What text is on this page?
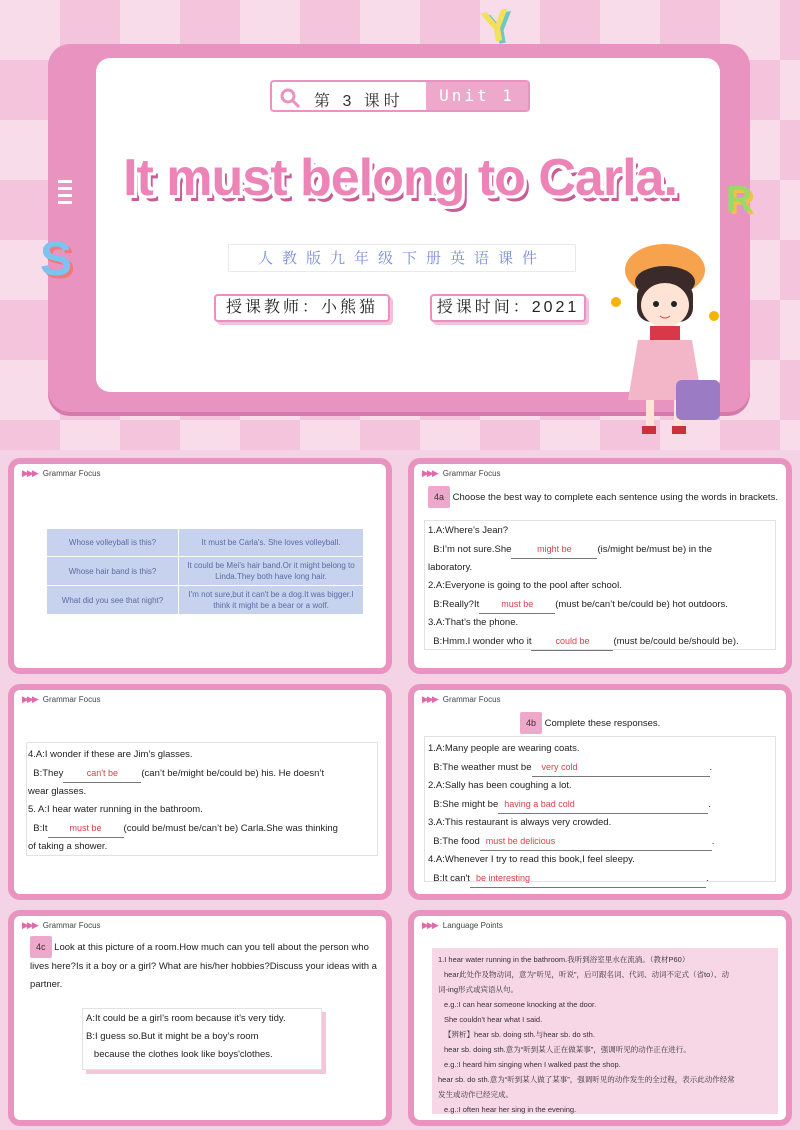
第 3 课时	Unit 1
It must belong to Carla.
人教版九年级下册英语课件
授课教师：小熊猫	授课时间：2021
Y
R
S
▶▶▶ Grammar Focus
Whose volleyball is this?	It must be Carla's. She loves volleyball.
Whose hair band is this?	It could be Mei's hair band.Or it might belong to Linda.They both have long hair.
What did you see that night?	I'm not sure,but it can't be a dog.It was bigger.I think it might be a bear or a wolf.
▶▶▶ Grammar Focus
4a Choose the best way to complete each sentence using the words in brackets.
1.A:Where’s Jean?
B:I’m not sure.She	might be	(is/might be/must be) in the
laboratory.
2.A:Everyone is going to the pool after school.
B:Really?It must be (must be/can’t be/could be) hot outdoors.
3.A:That’s the phone.
B:Hmm.I wonder who it	could be	(must be/could be/should be).
▶▶▶ Grammar Focus
4.A:I wonder if these are Jim’s glasses.
B:They	can't be (can’t be/might be/could be) his. He doesn’t
wear glasses.
5. A:I hear water running in the bathroom.
B:It must be (could be/must be/can’t be) Carla.She was thinking
of taking a shower.
▶▶▶ Grammar Focus
4b Complete these responses.
1.A:Many people are wearing coats.
B:The weather must be very cold	.
2.A:Sally has been coughing a lot.
B:She might be having a bad cold	.
3.A:This restaurant is always very crowded.
B:The food must be delicious	.
4.A:Whenever I try to read this book,I feel sleepy.
B:It can't be interesting	.
▶▶▶ Grammar Focus
4c Look at this picture of a room.How much can you tell about the person who lives here?Is it a boy or a girl? What are his/her hobbies?Discuss your ideas with a partner.
A:It could be a girl’s room because it’s very tidy.
B:I guess so.But it might be a boy’s room
because the clothes look like boys'clothes.
▶▶▶ Language Points
1.I hear water running in the bathroom.我听到浴室里水在流淌。（教材P60）
hear此处作及物动词，意为“听见，听说”，后可跟名词、代词、动词不定式（省to）、动
词-ing形式或宾语从句。
e.g.:I can hear someone knocking at the door.
She couldn't hear what I said.
【辨析】hear sb. doing sth.与hear sb. do sth.
hear sb. doing sth.意为“听到某人正在做某事”，强调听见的动作正在进行。
e.g.:I heard him singing when I walked past the shop.
hear sb. do sth.意为“听到某人做了某事”，强调听见的动作发生的全过程，表示此动作经常
发生或动作已经完成。
e.g.:I often hear her sing in the evening.
